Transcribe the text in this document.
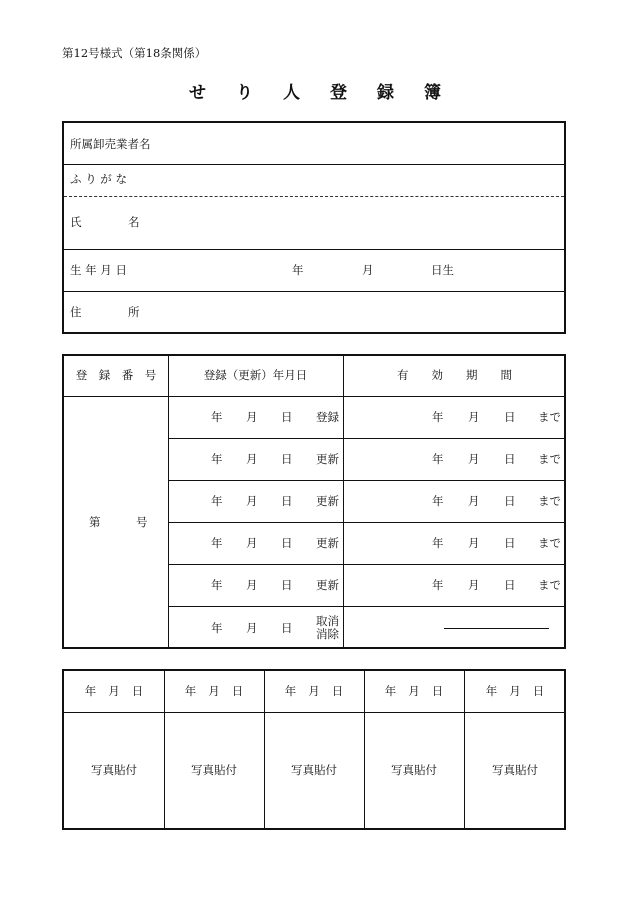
第12号様式（第18条関係）
せり人登録簿
所属卸売業者名
ふ り が な
氏	名
生 年 月 日	年	月	日生
住	所
登　録　番　号	登録（更新）年月日	有　　効　　期　　間
第	号
年 月 日 登録	年 月 日 まで
年 月 日 更新	年 月 日 まで
年 月 日 更新	年 月 日 まで
年 月 日 更新	年 月 日 まで
年 月 日 更新	年 月 日 まで
年 月 日 取消
消除
年 月 日	年 月 日	年 月 日	年 月 日	年 月 日
写真貼付	写真貼付	写真貼付	写真貼付	写真貼付
